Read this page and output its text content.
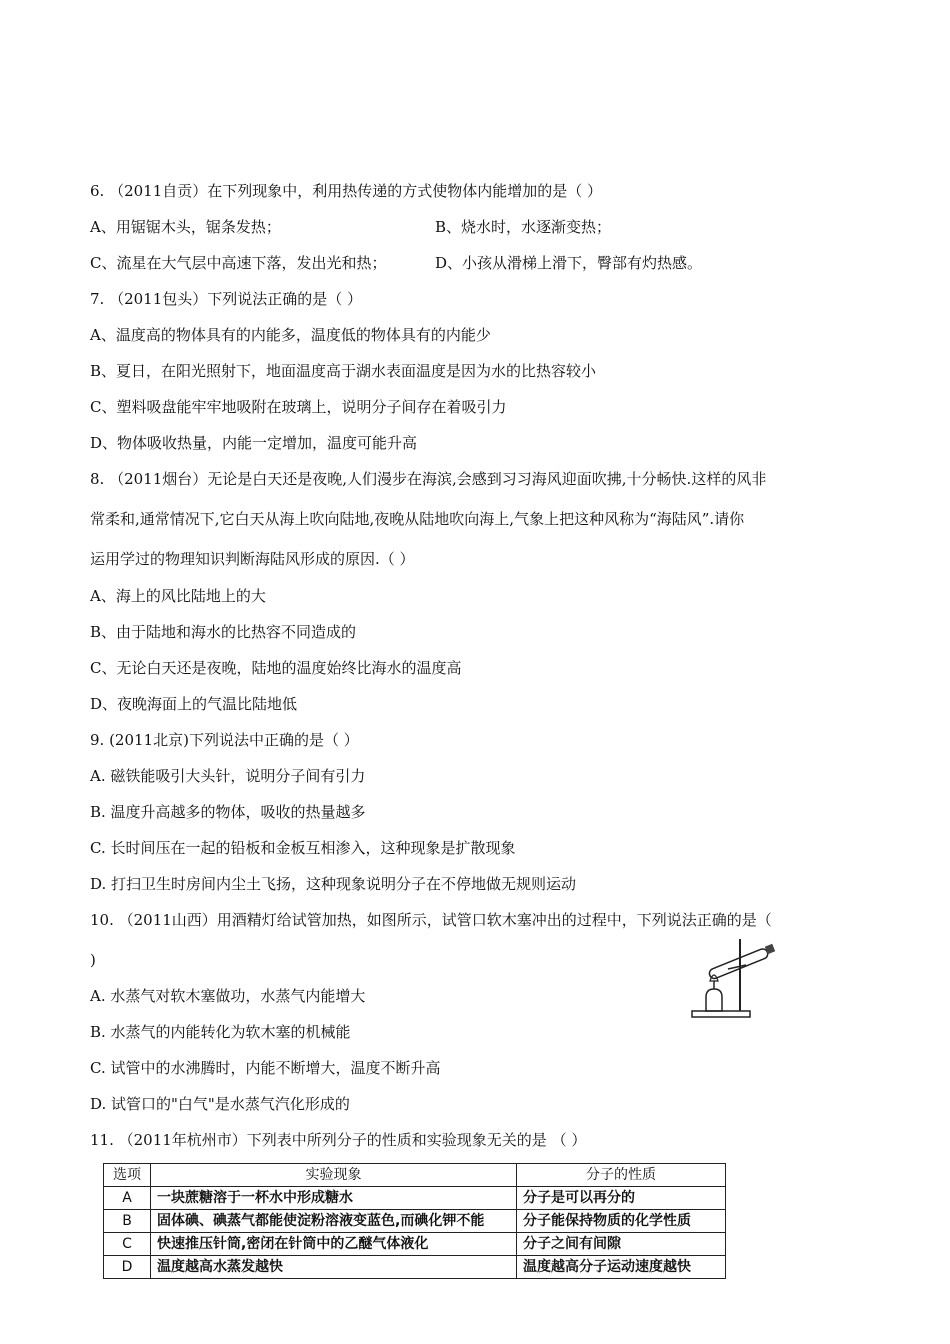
6. （2011自贡）在下列现象中，利用热传递的方式使物体内能增加的是（ ）
A、用锯锯木头，锯条发热；	B、烧水时，水逐渐变热；
C、流星在大气层中高速下落，发出光和热；	D、小孩从滑梯上滑下，臀部有灼热感。
7. （2011包头）下列说法正确的是（ ）
A、温度高的物体具有的内能多，温度低的物体具有的内能少
B、夏日，在阳光照射下，地面温度高于湖水表面温度是因为水的比热容较小
C、塑料吸盘能牢牢地吸附在玻璃上，说明分子间存在着吸引力
D、物体吸收热量，内能一定增加，温度可能升高
8. （2011烟台）无论是白天还是夜晚,人们漫步在海滨,会感到习习海风迎面吹拂,十分畅快.这样的风非
常柔和,通常情况下,它白天从海上吹向陆地,夜晚从陆地吹向海上,气象上把这种风称为“海陆风”.请你
运用学过的物理知识判断海陆风形成的原因.（ ）
A、海上的风比陆地上的大
B、由于陆地和海水的比热容不同造成的
C、无论白天还是夜晚，陆地的温度始终比海水的温度高
D、夜晚海面上的气温比陆地低
9. (2011北京)下列说法中正确的是（ ）
A. 磁铁能吸引大头针，说明分子间有引力
B. 温度升高越多的物体，吸收的热量越多
C. 长时间压在一起的铅板和金板互相渗入，这种现象是扩散现象
D. 打扫卫生时房间内尘土飞扬，这种现象说明分子在不停地做无规则运动
10. （2011山西）用酒精灯给试管加热，如图所示，试管口软木塞冲出的过程中，下列说法正确的是（
)
A. 水蒸气对软木塞做功，水蒸气内能增大
B. 水蒸气的内能转化为软木塞的机械能
C. 试管中的水沸腾时，内能不断增大，温度不断升高
D. 试管口的"白气"是水蒸气汽化形成的
11. （2011年杭州市）下列表中所列分子的性质和实验现象无关的是 （ ）
选项	实验现象	分子的性质
A	一块蔗糖溶于一杯水中形成糖水	分子是可以再分的
B	固体碘、碘蒸气都能使淀粉溶液变蓝色,而碘化钾不能	分子能保持物质的化学性质
C	快速推压针筒,密闭在针筒中的乙醚气体液化	分子之间有间隙
D	温度越高水蒸发越快	温度越高分子运动速度越快
